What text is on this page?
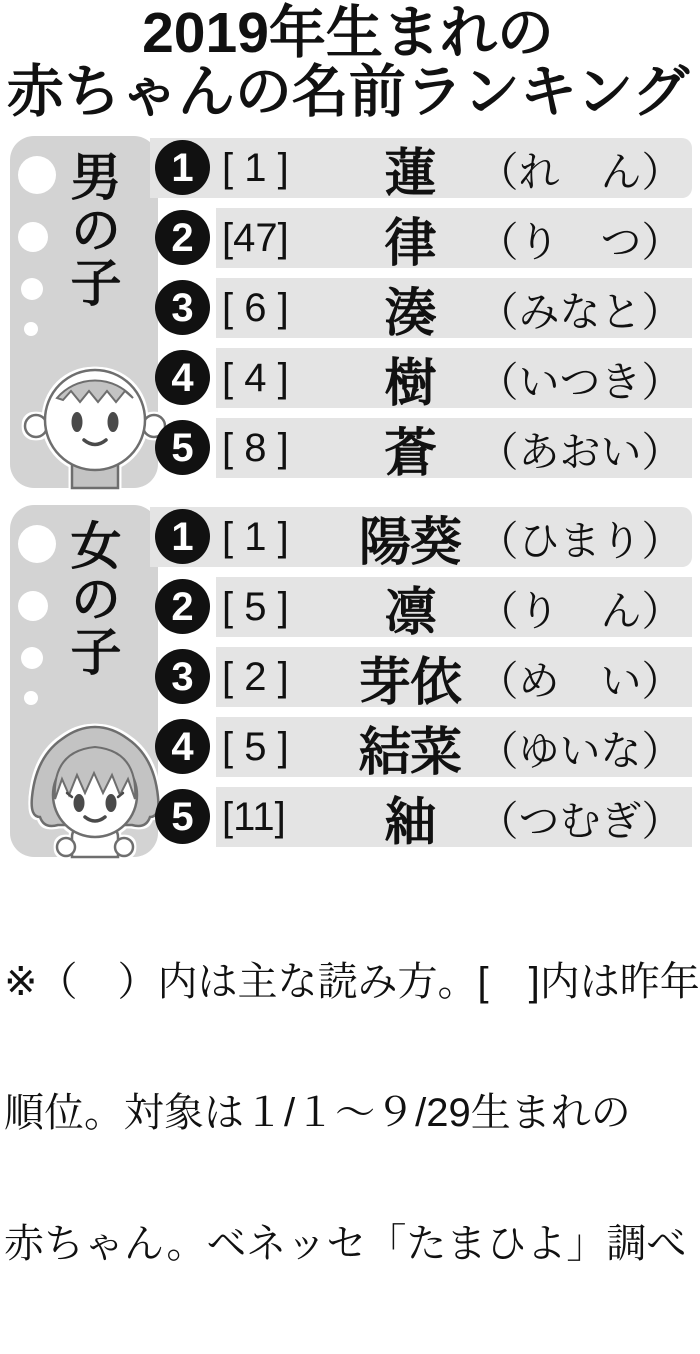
2019年生まれの
赤ちゃんの名前ランキング
男の子	1 [ 1 ]	蓮	（れ　ん）
2 [47]	律	（り　つ）
3 [ 6 ]	湊	（みなと）
4 [ 4 ]	樹	（いつき）
5 [ 8 ]	蒼	（あおい）
女の子	1 [ 1 ]	陽葵 （ひまり）
2 [ 5 ]	凛	（り　ん）
3 [ 2 ]	芽依 （め　い）
4 [ 5 ]	結菜 （ゆいな）
5 [11]	紬	（つむぎ）

※（　）内は主な読み方。[　]内は昨年

順位。対象は１/１～９/29生まれの

赤ちゃん。ベネッセ「たまひよ」調べ
